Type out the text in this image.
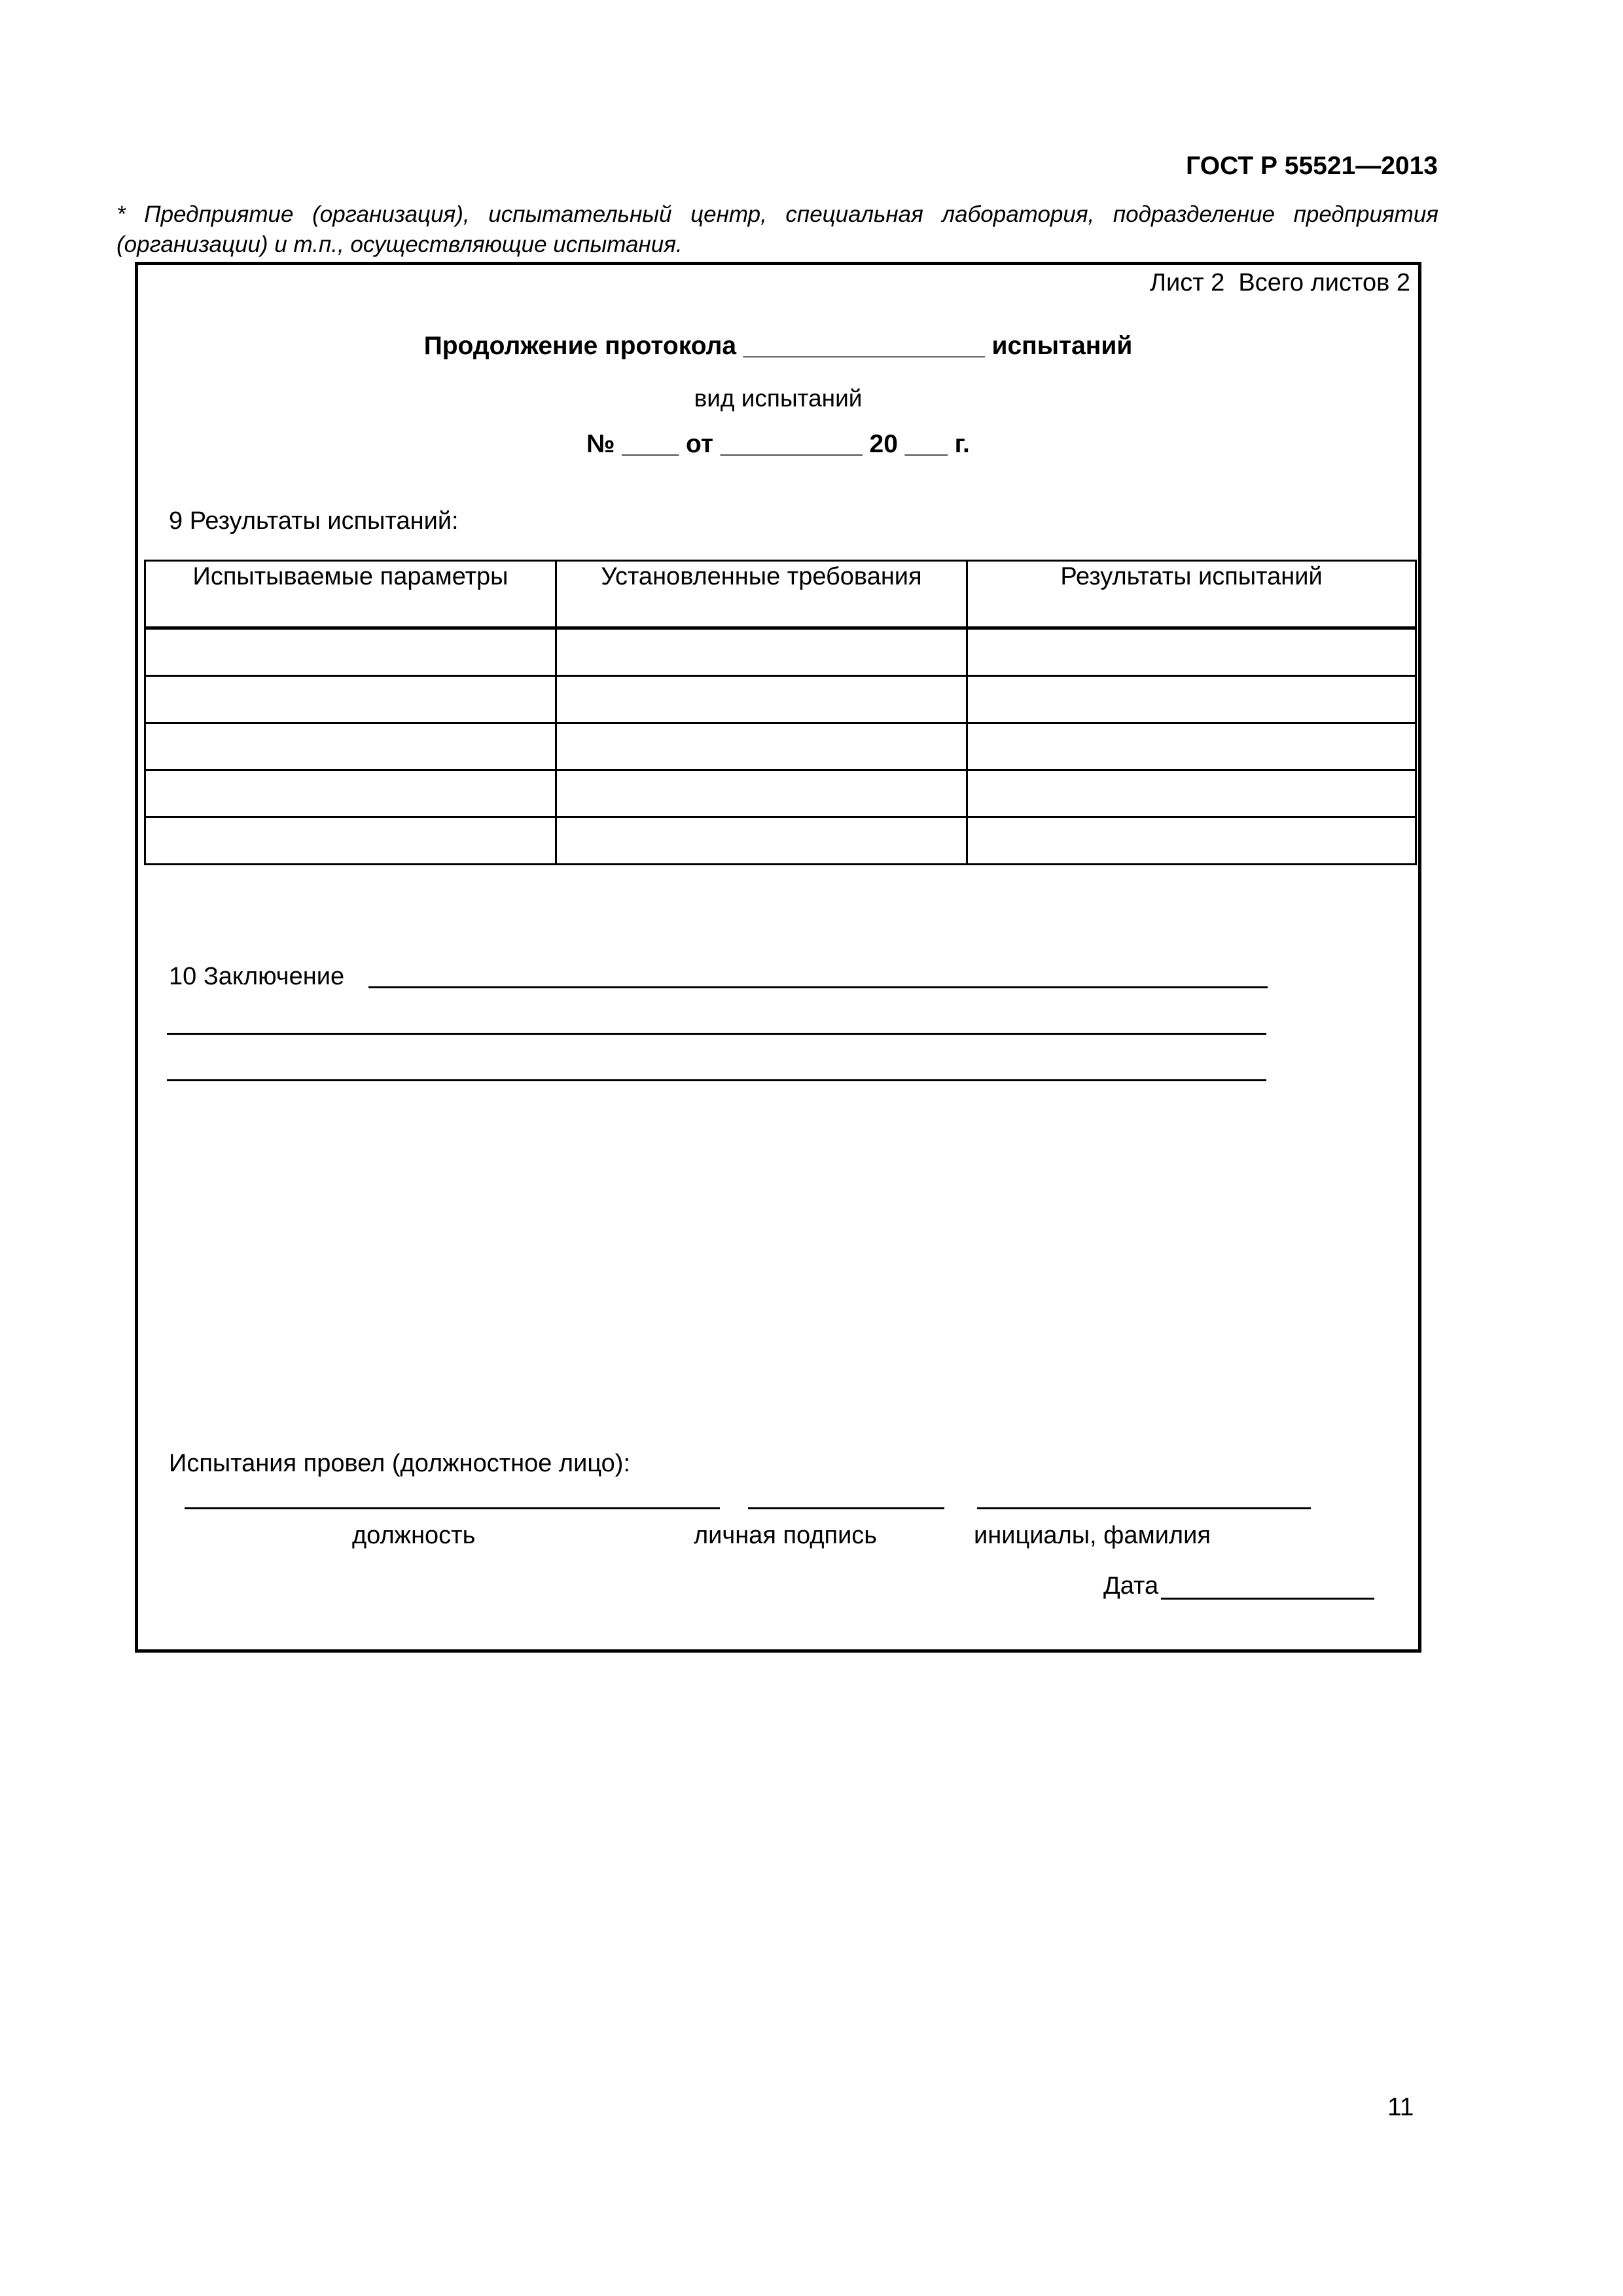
ГОСТ Р 55521—2013
* Предприятие (организация), испытательный центр, специальная лаборатория, подразделение предприятия (организации) и т.п., осуществляющие испытания.
Лист 2  Всего листов 2
Продолжение протокола _________________ испытаний
вид испытаний
№ ____ от __________ 20 ___ г.
9 Результаты испытаний:
Испытываемые параметры	Установленные требования	Результаты испытаний

10 Заключение
Испытания провел (должностное лицо):
должность	личная подпись	инициалы, фамилия
Дата
11
